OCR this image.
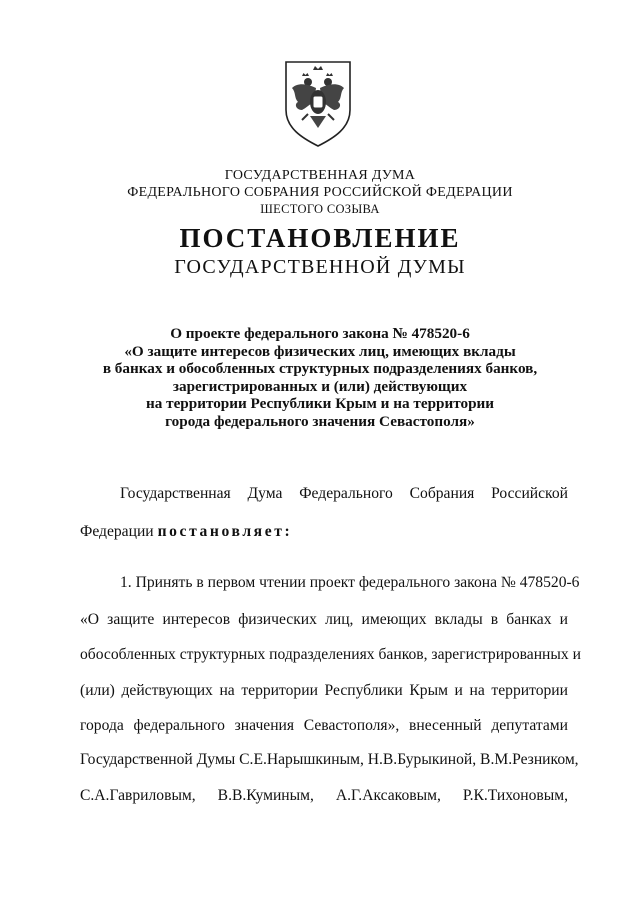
ГОСУДАРСТВЕННАЯ ДУМА
ФЕДЕРАЛЬНОГО СОБРАНИЯ РОССИЙСКОЙ ФЕДЕРАЦИИ
ШЕСТОГО СОЗЫВА
ПОСТАНОВЛЕНИЕ
ГОСУДАРСТВЕННОЙ ДУМЫ
О проекте федерального закона № 478520-6
«О защите интересов физических лиц, имеющих вклады
в банках и обособленных структурных подразделениях банков,
зарегистрированных и (или) действующих
на территории Республики Крым и на территории
города федерального значения Севастополя»
Государственная Дума Федерального Собрания Российской
Федерации постановляет:
1. Принять в первом чтении проект федерального закона № 478520-6
«О защите интересов физических лиц, имеющих вклады в банках и
обособленных структурных подразделениях банков, зарегистрированных и
(или) действующих на территории Республики Крым и на территории
города федерального значения Севастополя», внесенный депутатами
Государственной Думы С.Е.Нарышкиным, Н.В.Бурыкиной, В.М.Резником,
С.А.Гавриловым, В.В.Куминым, А.Г.Аксаковым, Р.К.Тихоновым,
